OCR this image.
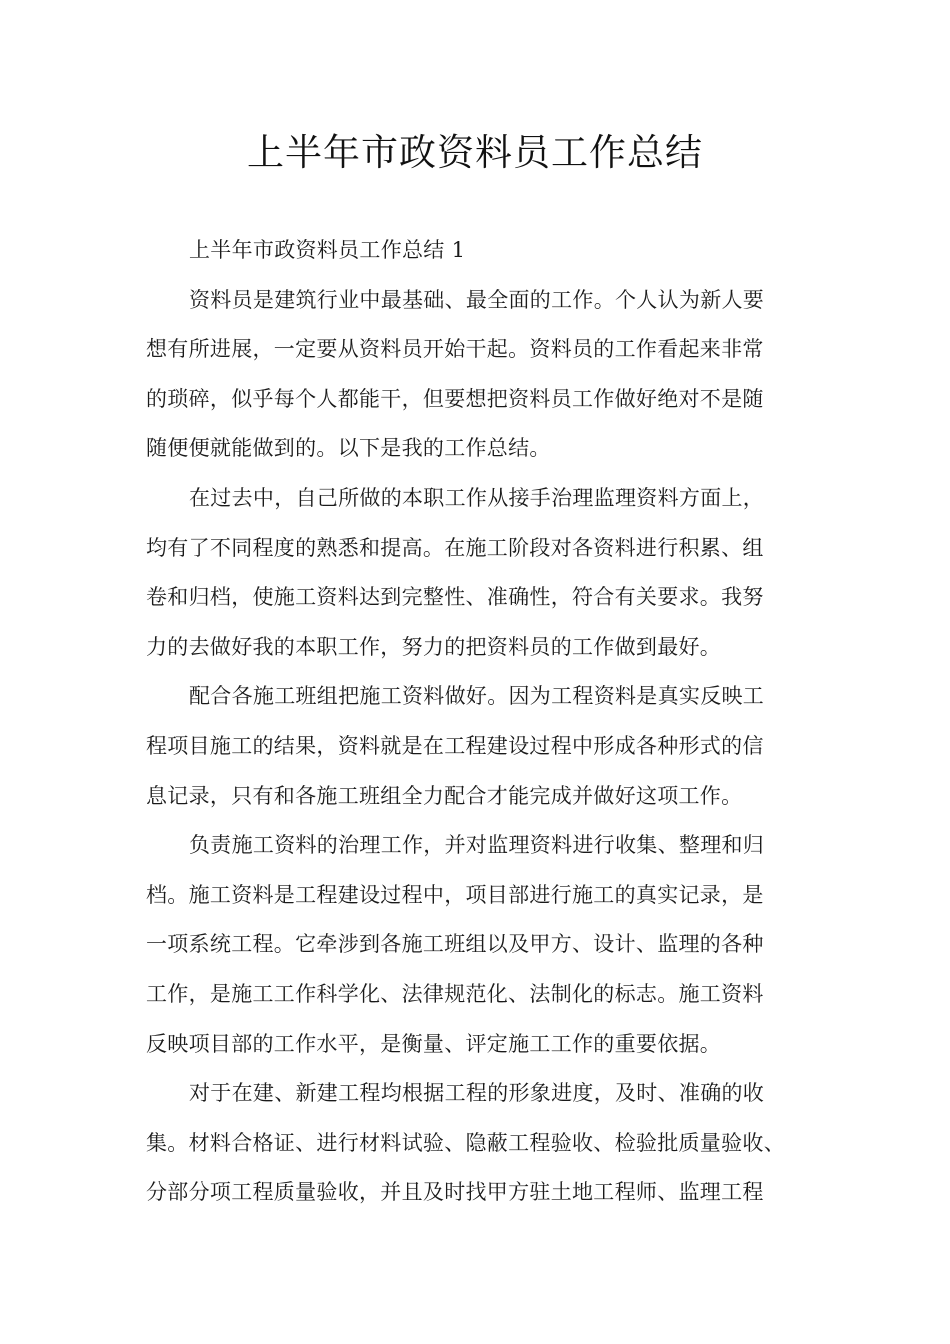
上半年市政资料员工作总结
上半年市政资料员工作总结 1
资料员是建筑行业中最基础、最全面的工作。个人认为新人要
想有所进展，一定要从资料员开始干起。资料员的工作看起来非常
的琐碎，似乎每个人都能干，但要想把资料员工作做好绝对不是随
随便便就能做到的。以下是我的工作总结。
在过去中，自己所做的本职工作从接手治理监理资料方面上，
均有了不同程度的熟悉和提高。在施工阶段对各资料进行积累、组
卷和归档，使施工资料达到完整性、准确性，符合有关要求。我努
力的去做好我的本职工作，努力的把资料员的工作做到最好。
配合各施工班组把施工资料做好。因为工程资料是真实反映工
程项目施工的结果，资料就是在工程建设过程中形成各种形式的信
息记录，只有和各施工班组全力配合才能完成并做好这项工作。
负责施工资料的治理工作，并对监理资料进行收集、整理和归
档。施工资料是工程建设过程中，项目部进行施工的真实记录，是
一项系统工程。它牵涉到各施工班组以及甲方、设计、监理的各种
工作，是施工工作科学化、法律规范化、法制化的标志。施工资料
反映项目部的工作水平，是衡量、评定施工工作的重要依据。
对于在建、新建工程均根据工程的形象进度，及时、准确的收
集。材料合格证、进行材料试验、隐蔽工程验收、检验批质量验收、
分部分项工程质量验收，并且及时找甲方驻土地工程师、监理工程
